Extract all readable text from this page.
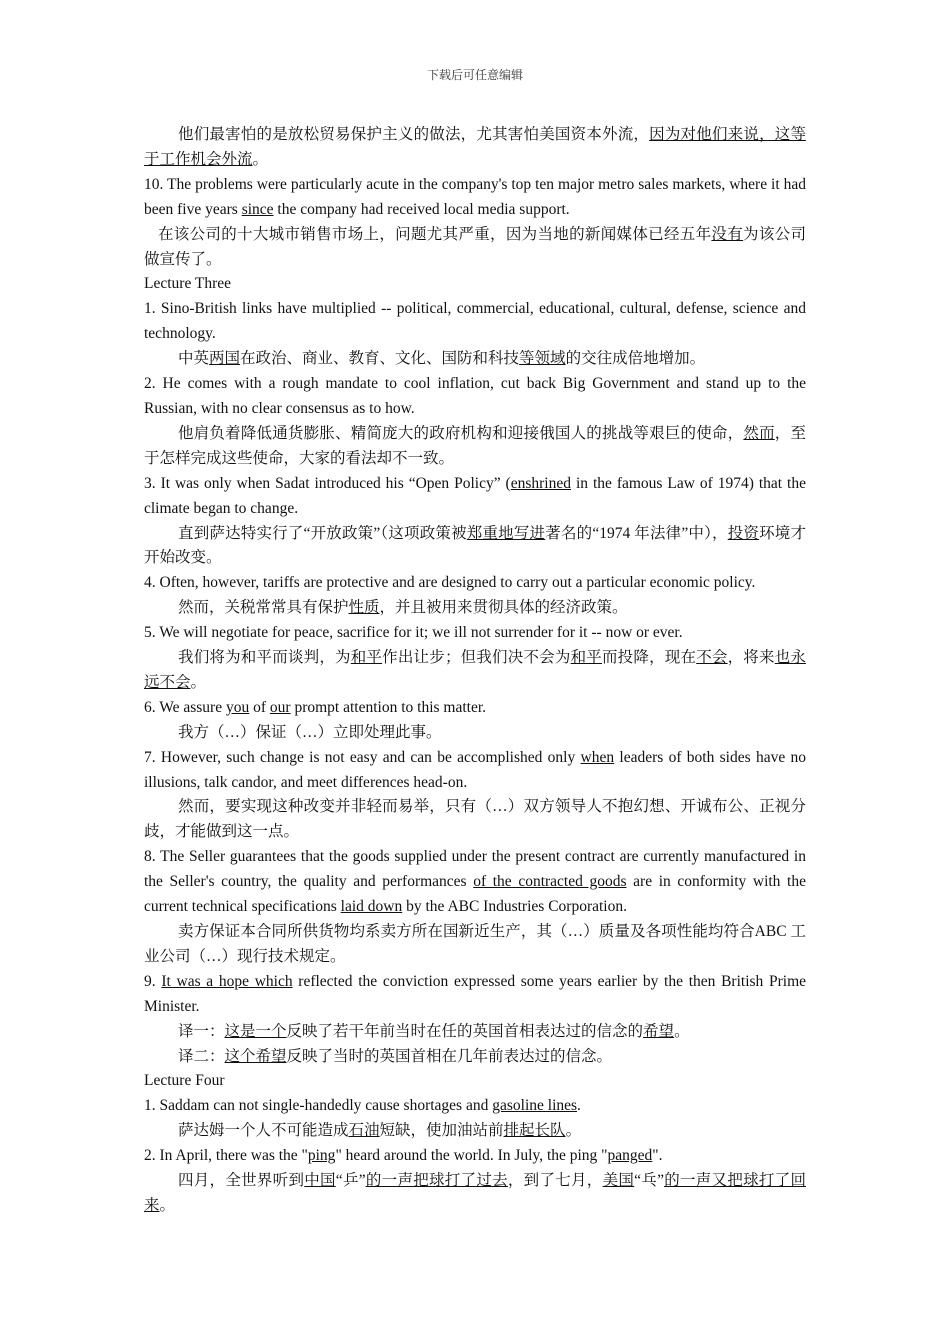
下载后可任意编辑

他们最害怕的是放松贸易保护主义的做法，尤其害怕美国资本外流，因为对他们来说，这等于工作机会外流。

10. The problems were particularly acute in the company's top ten major metro sales markets, where it had been five years since the company had received local media support.

在该公司的十大城市销售市场上，问题尤其严重，因为当地的新闻媒体已经五年没有为该公司做宣传了。

Lecture Three

1. Sino-British links have multiplied -- political, commercial, educational, cultural, defense, science and technology.

中英两国在政治、商业、教育、文化、国防和科技等领域的交往成倍地增加。

2. He comes with a rough mandate to cool inflation, cut back Big Government and stand up to the Russian, with no clear consensus as to how.

他肩负着降低通货膨胀、精简庞大的政府机构和迎接俄国人的挑战等艰巨的使命，然而，至于怎样完成这些使命，大家的看法却不一致。

3. It was only when Sadat introduced his “Open Policy” (enshrined in the famous Law of 1974) that the climate began to change.

直到萨达特实行了“开放政策”（这项政策被郑重地写进著名的“1974 年法律”中），投资环境才开始改变。

4. Often, however, tariffs are protective and are designed to carry out a particular economic policy.

然而，关税常常具有保护性质，并且被用来贯彻具体的经济政策。

5. We will negotiate for peace, sacrifice for it; we ill not surrender for it -- now or ever.

我们将为和平而谈判，为和平作出让步；但我们决不会为和平而投降，现在不会，将来也永远不会。

6. We assure you of our prompt attention to this matter.

我方（…）保证（…）立即处理此事。

7. However, such change is not easy and can be accomplished only when leaders of both sides have no illusions, talk candor, and meet differences head-on.

然而，要实现这种改变并非轻而易举，只有（…）双方领导人不抱幻想、开诚布公、正视分歧，才能做到这一点。

8. The Seller guarantees that the goods supplied under the present contract are currently manufactured in the Seller's country, the quality and performances of the contracted goods are in conformity with the current technical specifications laid down by the ABC Industries Corporation.

卖方保证本合同所供货物均系卖方所在国新近生产，其（…）质量及各项性能均符合ABC 工业公司（…）现行技术规定。

9. It was a hope which reflected the conviction expressed some years earlier by the then British Prime Minister.

译一：这是一个反映了若干年前当时在任的英国首相表达过的信念的希望。

译二：这个希望反映了当时的英国首相在几年前表达过的信念。

Lecture Four

1. Saddam can not single-handedly cause shortages and gasoline lines.

萨达姆一个人不可能造成石油短缺，使加油站前排起长队。

2. In April, there was the "ping" heard around the world. In July, the ping "panged".

四月，全世界听到中国“乒”的一声把球打了过去，到了七月，美国“乓”的一声又把球打了回来。
